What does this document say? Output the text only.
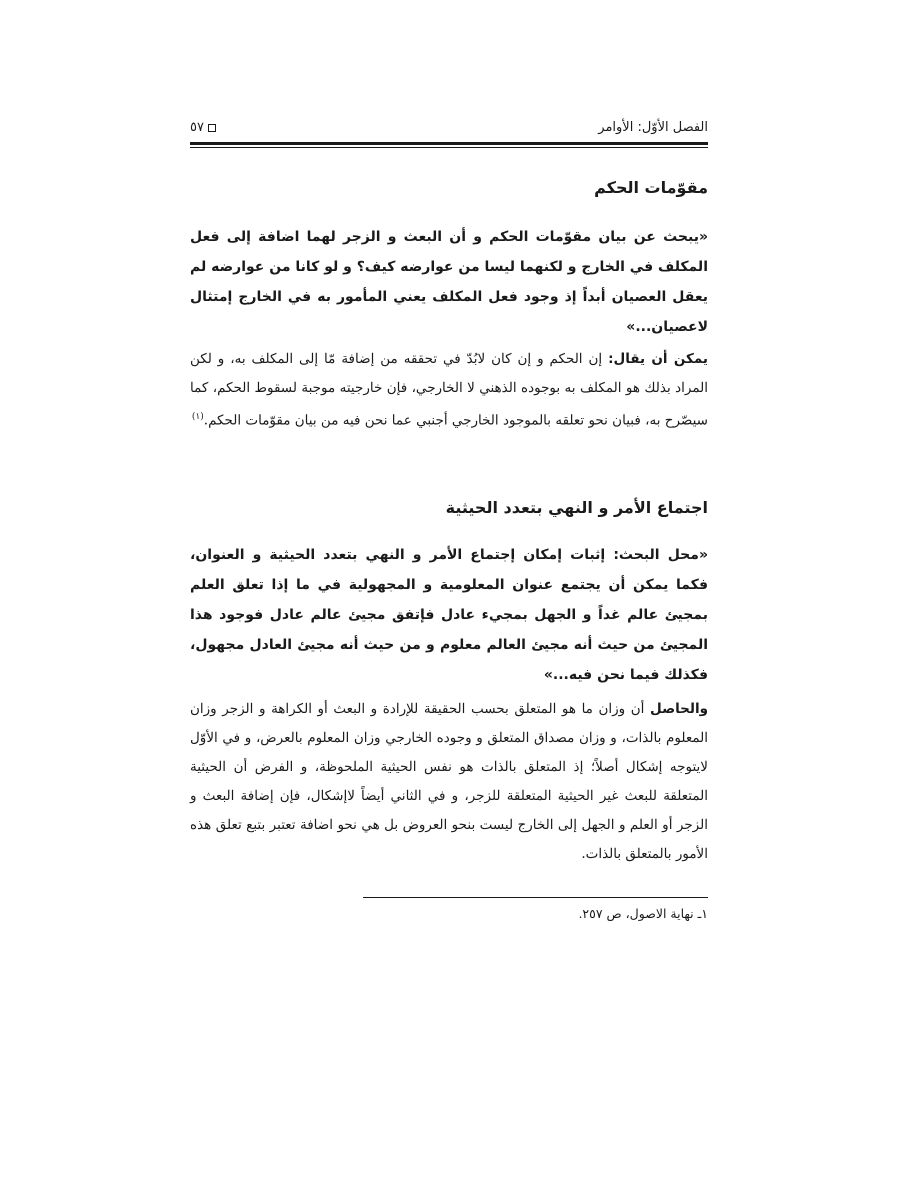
الفصل الأوّل: الأوامر
٥٧
مقوّمات الحكم

«يبحث عن بيان مقوّمات الحكم و أن البعث و الزجر لهما اضافة إلى فعل المكلف في الخارج و لكنهما ليسا من عوارضه كيف؟ و لو كانا من عوارضه لم يعقل العصيان أبداً إذ وجود فعل المكلف يعني المأمور به في الخارج إمتثال لاعصيان...»

يمكن أن يقال: إن الحكم و إن كان لابُدّ في تحققه من إضافة مّا إلى المكلف به، و لكن المراد بذلك هو المكلف به بوجوده الذهني لا الخارجي، فإن خارجيته موجبة لسقوط الحكم، كما سيصّرح به، فبيان نحو تعلقه بالموجود الخارجي أجنبي عما نحن فيه من بيان مقوّمات الحكم.$^{(١)}$

اجتماع الأمر و النهي بتعدد الحيثية

«محل البحث: إثبات إمكان إجتماع الأمر و النهي بتعدد الحيثية و العنوان، فكما يمكن أن يجتمع عنوان المعلومية و المجهولية في ما إذا تعلق العلم بمجيئ عالم غداً و الجهل بمجيء عادل فإتفق مجيئ عالم عادل فوجود هذا المجيئ من حيث أنه مجيئ العالم معلوم و من حيث أنه مجيئ العادل مجهول، فكذلك فيما نحن فيه...»

والحاصل أن وزان ما هو المتعلق بحسب الحقيقة للإرادة و البعث أو الكراهة و الزجر وزان المعلوم بالذات، و وزان مصداق المتعلق و وجوده الخارجي وزان المعلوم بالعرض، و في الأوّل لايتوجه إشكال أصلاً؛ إذ المتعلق بالذات هو نفس الحيثية الملحوظة، و الفرض أن الحيثية المتعلقة للبعث غير الحيثية المتعلقة للزجر، و في الثاني أيضاً لاإشكال، فإن إضافة البعث و الزجر أو العلم و الجهل إلى الخارج ليست بنحو العروض بل هي نحو اضافة تعتبر بتبع تعلق هذه الأمور بالمتعلق بالذات.

١ـ نهاية الاصول، ص ٢٥٧.
